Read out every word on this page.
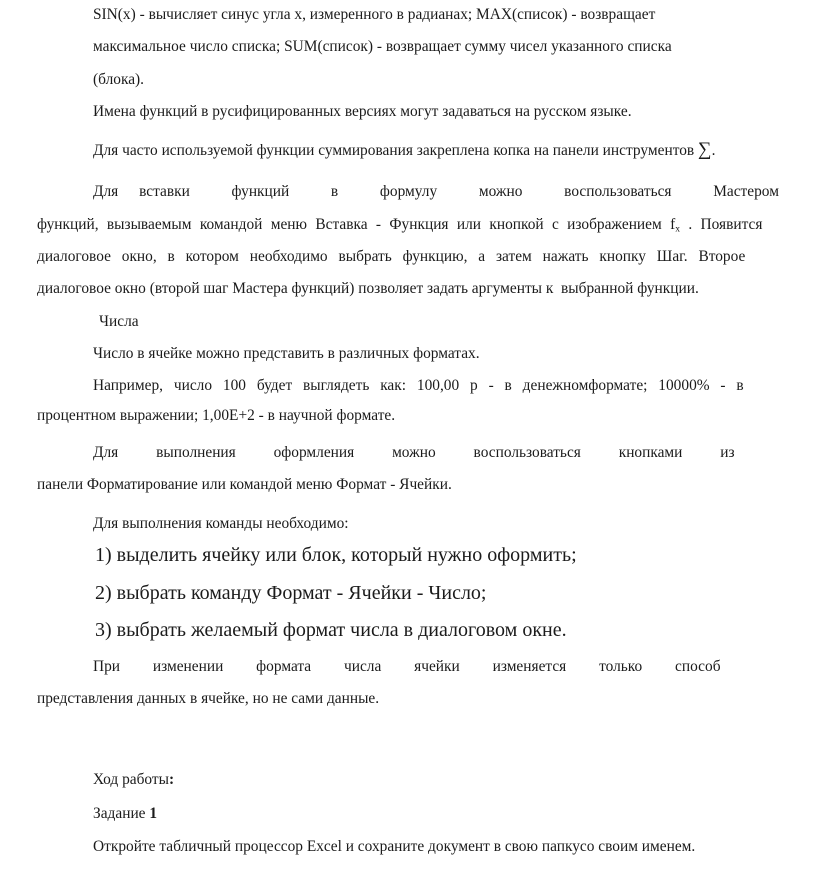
SIN(x) - вычисляет синус угла x, измеренного в радианах; MAX(список) - возвращает
максимальное число списка; SUM(список) - возвращает сумму чисел указанного списка
(блока).
Имена функций в русифицированных версиях могут задаваться на русском языке.
Для часто используемой функции суммирования закреплена копка на панели инструментов ∑.
Для вставки  функций  в  формулу  можно  воспользоваться  Мастером
функций, вызываемым командой меню Вставка - Функция или кнопкой с изображением fx . Появится
диалоговое окно, в котором необходимо выбрать функцию, а затем нажать кнопку Шаг. Второе
диалоговое окно (второй шаг Мастера функций) позволяет задать аргументы к  выбранной функции.
Числа
Число в ячейке можно представить в различных форматах.
Например, число 100 будет выглядеть как: 100,00 р - в денежномформате; 10000% - в
процентном выражении; 1,00E+2 - в научной формате.
Для выполнения оформления можно воспользоваться кнопками из
панели Форматирование или командой меню Формат - Ячейки.
Для выполнения команды необходимо:
1) выделить ячейку или блок, который нужно оформить;
2) выбрать команду Формат - Ячейки - Число;
3) выбрать желаемый формат числа в диалоговом окне.
При изменении формата числа ячейки изменяется только способ
представления данных в ячейке, но не сами данные.
Ход работы:
Задание 1
Откройте табличный процессор Excel и сохраните документ в свою папкусо своим именем.
